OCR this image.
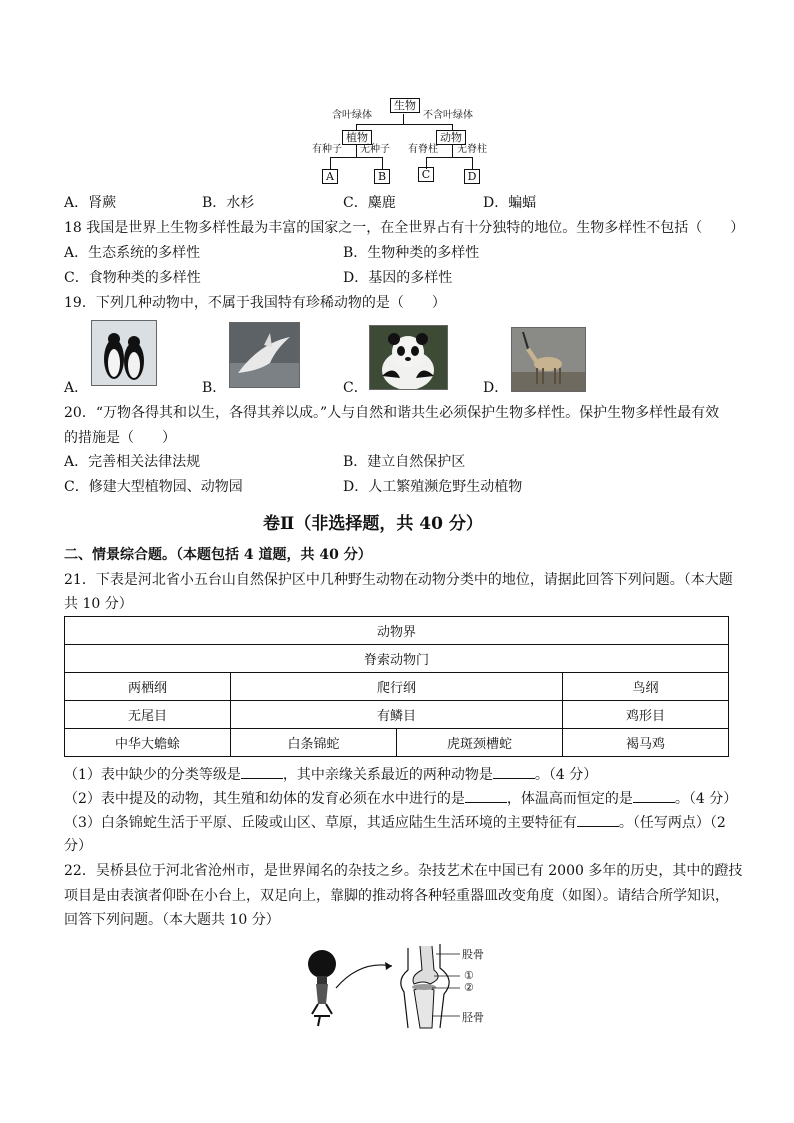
生物
含叶绿体	不含叶绿体
植物	动物
有种子 无种子 有脊柱 无脊柱
A	B	C	D
A．肾蕨	B．水杉	C．麋鹿	D．蝙蝠
18 我国是世界上生物多样性最为丰富的国家之一，在全世界占有十分独特的地位。生物多样性不包括（　　）
A．生态系统的多样性	B．生物种类的多样性
C．食物种类的多样性	D．基因的多样性
19．下列几种动物中，不属于我国特有珍稀动物的是（　　）
A．	B．	C．	D．
20．“万物各得其和以生，各得其养以成。”人与自然和谐共生必须保护生物多样性。保护生物多样性最有效
的措施是（　　）
A．完善相关法律法规	B．建立自然保护区
C．修建大型植物园、动物园	D．人工繁殖濒危野生动植物
卷Ⅱ（非选择题，共 40 分）
二、情景综合题。（本题包括 4 道题，共 40 分）
21．下表是河北省小五台山自然保护区中几种野生动物在动物分类中的地位，请据此回答下列问题。（本大题
共 10 分）
动物界			
脊索动物门			
两栖纲	爬行纲		鸟纲
无尾目	有鳞目		鸡形目
中华大蟾蜍	白条锦蛇	虎斑颈槽蛇	褐马鸡
（1）表中缺少的分类等级是	，其中亲缘关系最近的两种动物是	。（4 分）
（2）表中提及的动物，其生殖和幼体的发育必须在水中进行的是	，体温高而恒定的是	。（4 分）
（3）白条锦蛇生活于平原、丘陵或山区、草原，其适应陆生生活环境的主要特征有	。（任写两点）（2
分）
22．吴桥县位于河北省沧州市，是世界闻名的杂技之乡。杂技艺术在中国已有 2000 多年的历史，其中的蹬技
项目是由表演者仰卧在小台上，双足向上，靠脚的推动将各种轻重器皿改变角度（如图）。请结合所学知识，
回答下列问题。（本大题共 10 分）
股骨
①
②
胫骨
